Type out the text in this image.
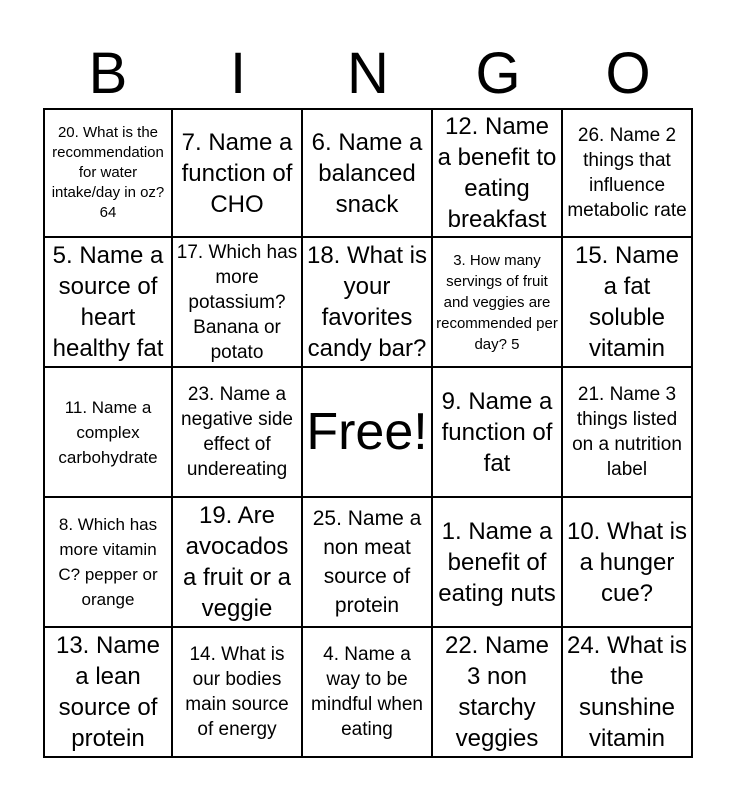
B	I	N	G	O
20. What is the recommendation for water intake/day in oz? 64
7. Name a function of CHO
6. Name a balanced snack
12. Name a benefit to eating breakfast
26. Name 2 things that influence metabolic rate
5. Name a source of heart healthy fat
17. Which has more potassium? Banana or potato
18. What is your favorites candy bar?
3. How many servings of fruit and veggies are recommended per day? 5
15. Name a fat soluble vitamin
11. Name a complex carbohydrate
23. Name a negative side effect of undereating
Free!
9. Name a function of fat
21. Name 3 things listed on a nutrition label
8. Which has more vitamin C? pepper or orange
19. Are avocados a fruit or a veggie
25. Name a non meat source of protein
1. Name a benefit of eating nuts
10. What is a hunger cue?
13. Name a lean source of protein
14. What is our bodies main source of energy
4. Name a way to be mindful when eating
22. Name 3 non starchy veggies
24. What is the sunshine vitamin
